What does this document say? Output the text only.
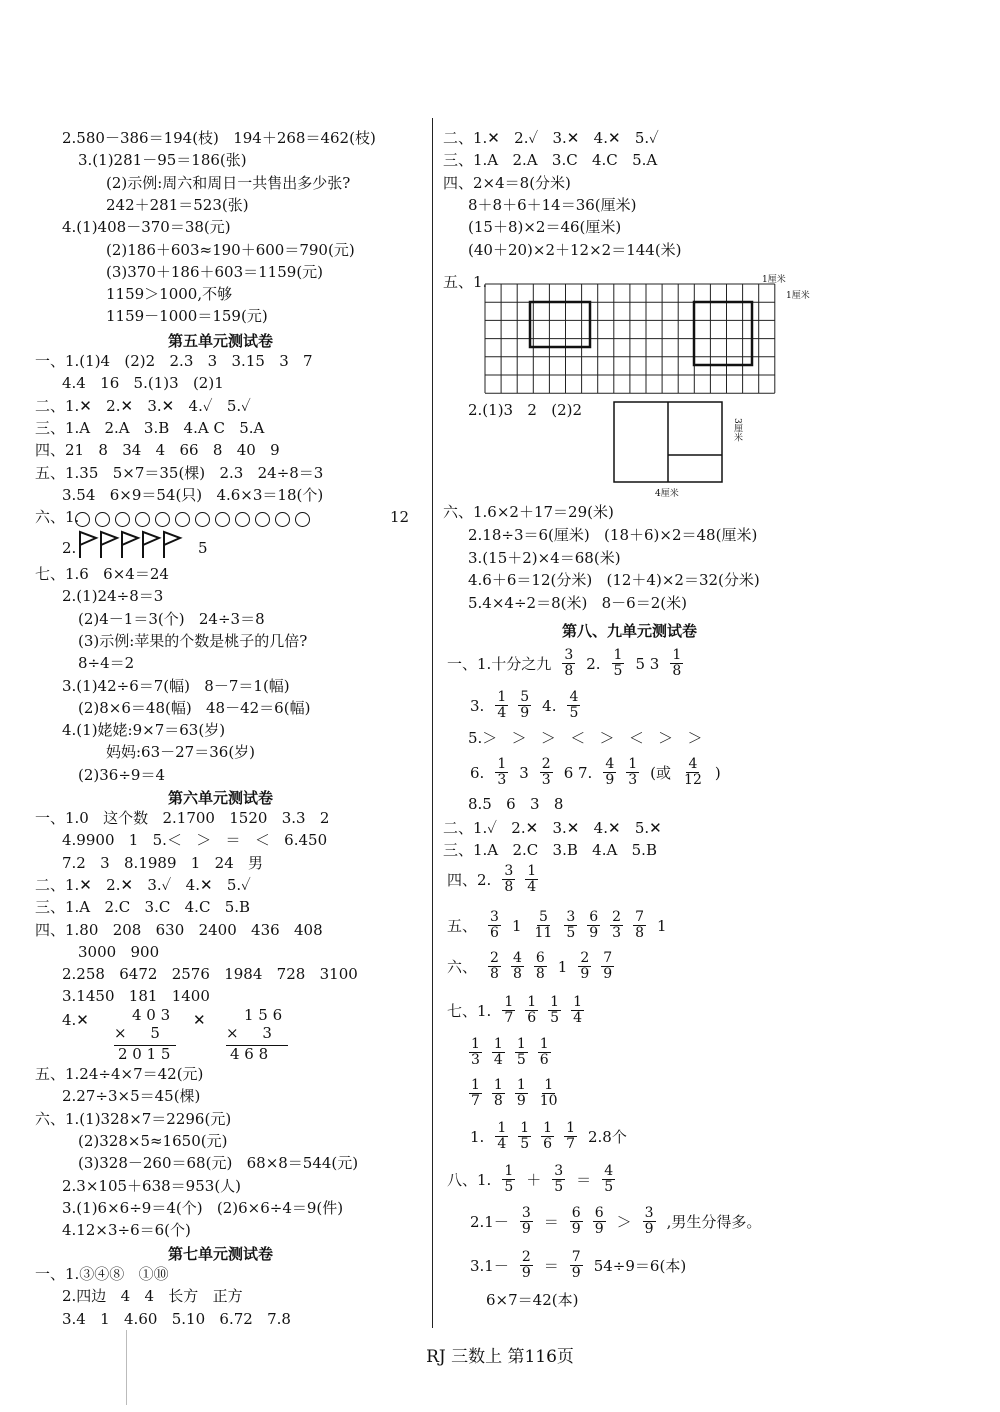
RJ 三数上 第116页
2.580－386＝194(枝)   194＋268＝462(枝)
3.(1)281－95＝186(张)
(2)示例:周六和周日一共售出多少张?
242＋281＝523(张)
4.(1)408－370＝38(元)
(2)186＋603≈190＋600＝790(元)
(3)370＋186＋603＝1159(元)
1159＞1000,不够
1159－1000＝159(元)
第五单元测试卷
一、1.(1)4   (2)2   2.3   3   3.15   3   7
4.4   16   5.(1)3   (2)1
二、1.✕   2.✕   3.✕   4.✓   5.✓
三、1.A   2.A   3.B   4.A C   5.A
四、21   8   34   4   66   8   40   9
五、1.35   5×7＝35(棵)   2.3   24÷8＝3
3.54   6×9＝54(只)   4.6×3＝18(个)
六、1.	12
2.	5
七、1.6   6×4＝24
2.(1)24÷8＝3
(2)4－1＝3(个)   24÷3＝8
(3)示例:苹果的个数是桃子的几倍?
8÷4＝2
3.(1)42÷6＝7(幅)   8－7＝1(幅)
(2)8×6＝48(幅)   48－42＝6(幅)
4.(1)姥姥:9×7＝63(岁)
妈妈:63－27＝36(岁)
(2)36÷9＝4
第六单元测试卷
一、1.0   这个数   2.1700   1520   3.3   2
4.9900   1   5.＜   ＞   ＝   ＜   6.450
7.2   3   8.1989   1   24   男
二、1.✕   2.✕   3.✓   4.✕   5.✓
三、1.A   2.C   3.C   4.C   5.B
四、1.80   208   630   2400   436   408
3000   900
2.258   6472   2576   1984   728   3100
3.1450   181   1400
4.✕	4 0 3
×     5
2 0 1 5
✕	1 5 6
×     3
4 6 8
五、1.24÷4×7＝42(元)
2.27÷3×5＝45(棵)
六、1.(1)328×7＝2296(元)
(2)328×5≈1650(元)
(3)328－260＝68(元)   68×8＝544(元)
2.3×105＋638＝953(人)
3.(1)6×6÷9＝4(个)   (2)6×6÷4＝9(件)
4.12×3÷6＝6(个)
第七单元测试卷
一、1.③④⑧   ①⑩
2.四边   4   4   长方   正方
3.4   1   4.60   5.10   6.72   7.8
二、1.✕   2.✓   3.✕   4.✕   5.✓
三、1.A   2.A   3.C   4.C   5.A
四、2×4＝8(分米)
8＋8＋6＋14＝36(厘米)
(15＋8)×2＝46(厘米)
(40＋20)×2＋12×2＝144(米)
五、1.	1厘米
1厘米
2.(1)3   2   (2)2
3厘米
4厘米
六、1.6×2＋17＝29(米)
2.18÷3＝6(厘米)   (18＋6)×2＝48(厘米)
3.(15＋2)×4＝68(米)
4.6＋6＝12(分米)   (12＋4)×2＝32(分米)
5.4×4÷2＝8(米)   8－6＝2(米)
第八、九单元测试卷
一、1.十分之九 $\frac{3}{8} 2$. $\frac{1}{5} 5$ $3 \frac{1}{8}$
3. $\frac{1}{4} \frac{5}{9} 4$. $\frac{4}{5}$
5.＞   ＞   ＞   ＜   ＞   ＜   ＞   ＞
6. $\frac{1}{3} 3 \frac{2}{3} 6$ 7. $\frac{4}{9} \frac{1}{3}$ (或 $\frac{4}{12}$ )
8.5   6   3   8
二、1.✓   2.✕   3.✕   4.✕   5.✕
三、1.A   2.C   3.B   4.A   5.B
四、2. $\frac{3}{8} \frac{1}{4}$
五、 $\frac{3}{6} 1 \frac{5}{11} \frac{3}{5} \frac{6}{9} \frac{2}{3} \frac{7}{8} 1$
六、 $\frac{2}{8} \frac{4}{8} \frac{6}{8} 1 \frac{2}{9} \frac{7}{9}$
七、1. $\frac{1}{7} \frac{1}{6} \frac{1}{5} \frac{1}{4}$
$\frac{1}{3} \frac{1}{4} \frac{1}{5} \frac{1}{6}$
$\frac{1}{7} \frac{1}{8} \frac{1}{9} \frac{1}{10}$
1. $\frac{1}{4} \frac{1}{5} \frac{1}{6} \frac{1}{7} 2.8$个
八、1. $\frac{1}{5} + \frac{3}{5} = \frac{4}{5}$
$2.1- \frac{3}{9} = \frac{6}{9} \frac{6}{9} > \frac{3}{9}$ ,男生分得多。
$3.1- \frac{2}{9} = \frac{7}{9} 54\div 9=6$(本)
6×7＝42(本)
